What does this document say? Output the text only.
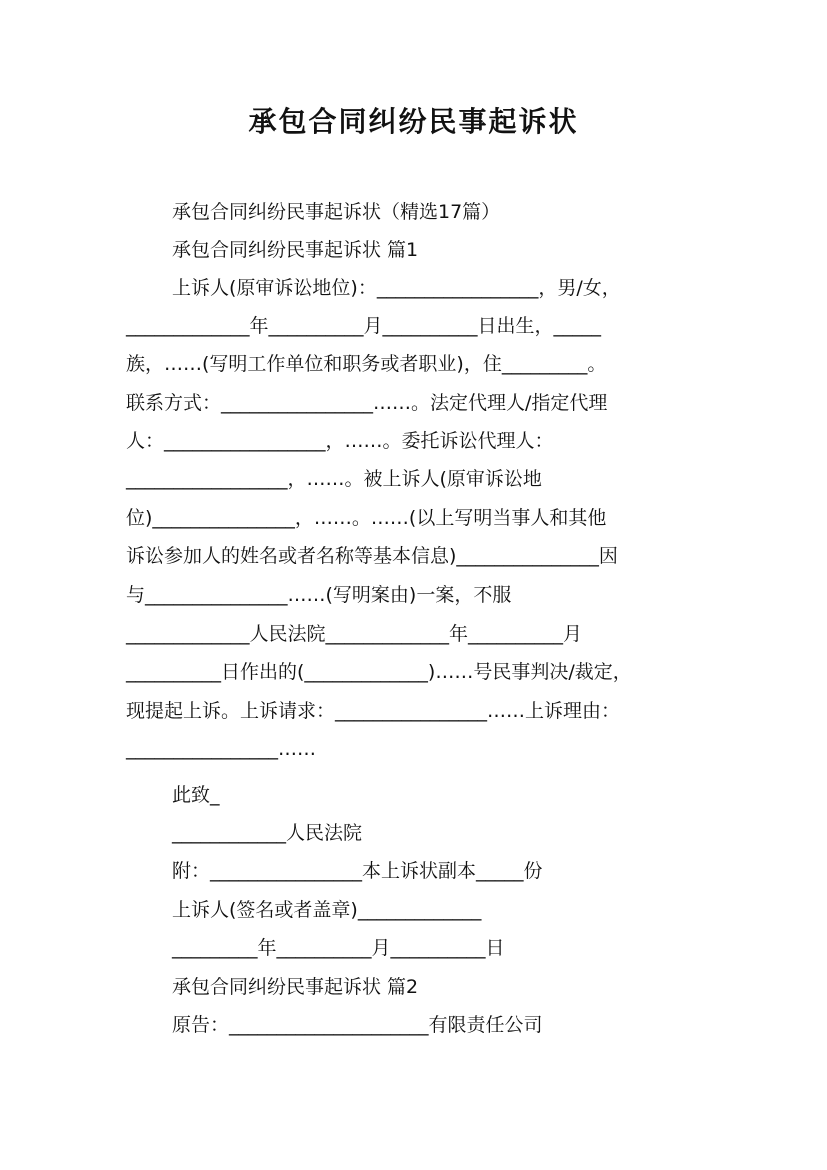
承包合同纠纷民事起诉状
承包合同纠纷民事起诉状（精选17篇）
承包合同纠纷民事起诉状 篇1
上诉人(原审诉讼地位)：_________________，男/女，
_____________年__________月__________日出生，_____
族，……(写明工作单位和职务或者职业)，住_________。
联系方式：________________……。法定代理人/指定代理
人：_________________，……。委托诉讼代理人：
_________________，……。被上诉人(原审诉讼地
位)_______________，……。……(以上写明当事人和其他
诉讼参加人的姓名或者名称等基本信息)_______________因
与_______________……(写明案由)一案，不服
_____________人民法院_____________年__________月
__________日作出的(_____________)……号民事判决/裁定，
现提起上诉。上诉请求：________________……上诉理由：
________________……
此致_
____________人民法院
附：________________本上诉状副本_____份
上诉人(签名或者盖章)_____________
_________年__________月__________日
承包合同纠纷民事起诉状 篇2
原告：_____________________有限责任公司
